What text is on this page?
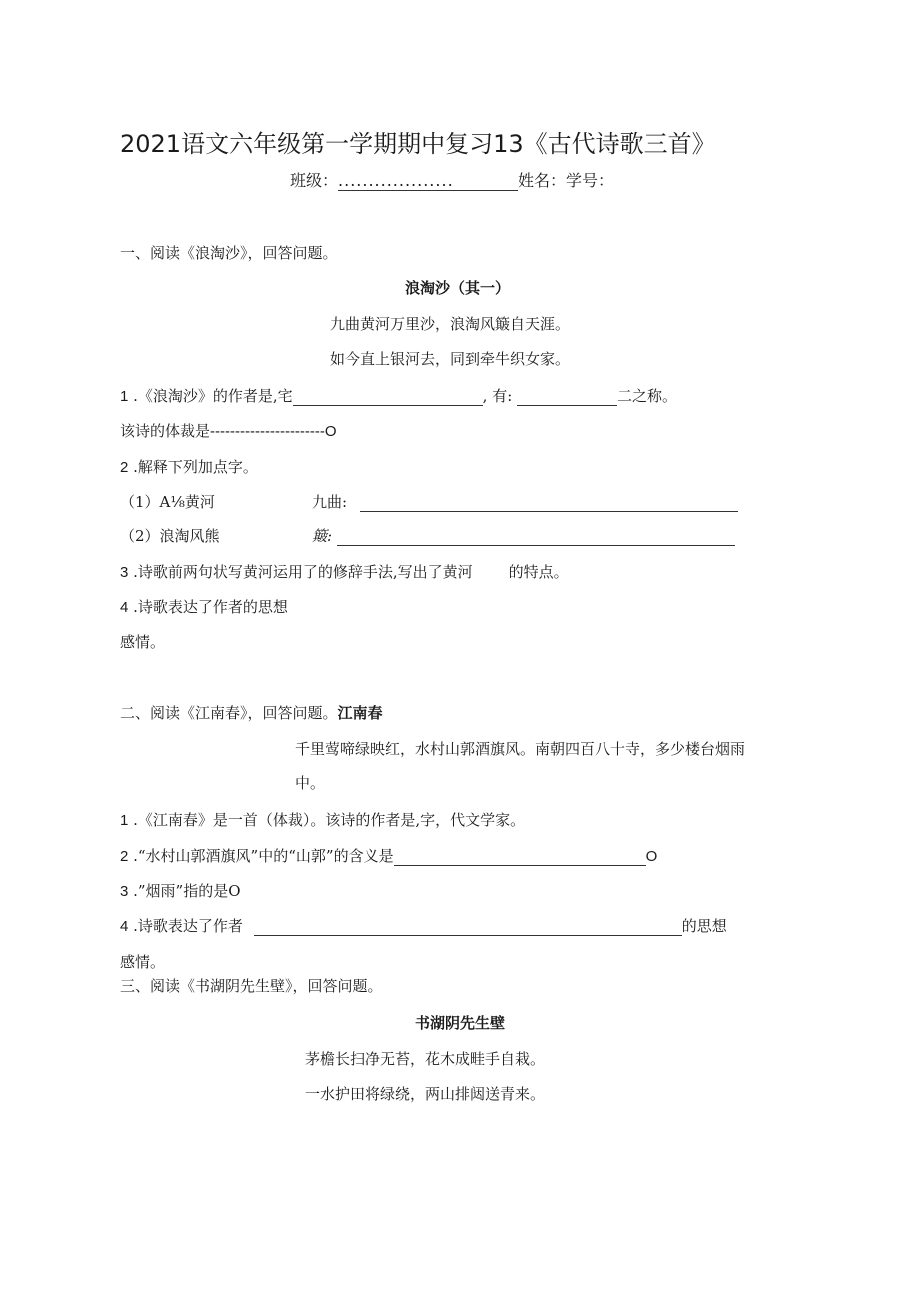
2021语文六年级第一学期期中复习13《古代诗歌三首》
班级：...................	姓名：学号：
一、阅读《浪淘沙》，回答问题。
浪淘沙（其一）
九曲黄河万里沙，浪淘风簸自天涯。
如今直上银河去，同到牵牛织女家。
1 .《浪淘沙》的作者是,宅	, 有:	二之称。
该诗的体裁是-----------------------O
2 .解释下列加点字。
（1）A⅛黄河	九曲:
（2）浪淘风熊	簸:
3 .诗歌前两句状写黄河运用了的修辞手法,写出了黄河 的特点。
4 .诗歌表达了作者的思想
感情。
二、阅读《江南春》，回答问题。江南春
千里莺啼绿映红，水村山郭酒旗风。南朝四百八十寺，多少楼台烟雨
中。
1 .《江南春》是一首（体裁）。该诗的作者是,字，代文学家。
2 .“水村山郭酒旗风”中的“山郭”的含义是	O
3 .”烟雨”指的是O
4 .诗歌表达了作者	的思想
感情。
三、阅读《书湖阴先生壁》，回答问题。
书湖阴先生壁
茅檐长扫净无苔，花木成畦手自栽。
一水护田将绿绕，两山排闼送青来。
